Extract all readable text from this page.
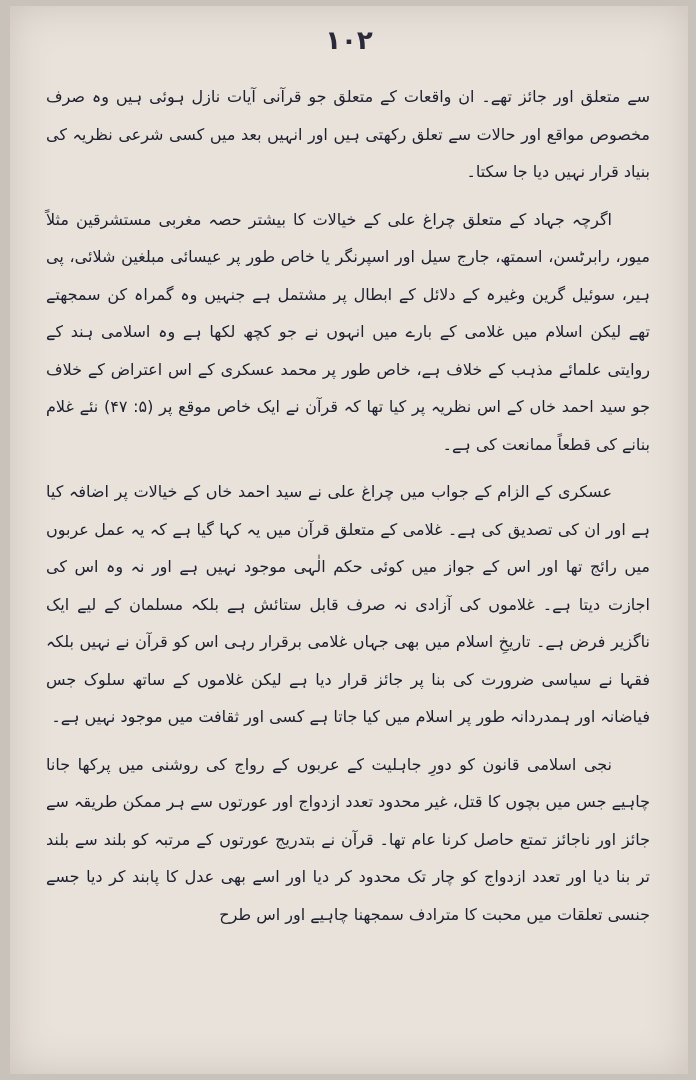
۱۰۲

سے متعلق اور جائز تھے۔ ان واقعات کے متعلق جو قرآنی آیات نازل ہوئی ہیں وہ صرف مخصوص مواقع اور حالات سے تعلق رکھتی ہیں اور انہیں بعد میں کسی شرعی نظریہ کی بنیاد قرار نہیں دیا جا سکتا۔

اگرچہ جہاد کے متعلق چراغ علی کے خیالات کا بیشتر حصہ مغربی مستشرقین مثلاً میور، رابرٹسن، اسمتھ، جارج سیل اور اسپرنگر یا خاص طور پر عیسائی مبلغین شلائی، پی ہیر، سوئیل گرین وغیرہ کے دلائل کے ابطال پر مشتمل ہے جنہیں وہ گمراہ کن سمجھتے تھے لیکن اسلام میں غلامی کے بارے میں انہوں نے جو کچھ لکھا ہے وہ اسلامی ہند کے روایتی علمائے مذہب کے خلاف ہے، خاص طور پر محمد عسکری کے اس اعتراض کے خلاف جو سید احمد خاں کے اس نظریہ پر کیا تھا کہ قرآن نے ایک خاص موقع پر (۵: ۴۷) نئے غلام بنانے کی قطعاً ممانعت کی ہے۔

عسکری کے الزام کے جواب میں چراغ علی نے سید احمد خاں کے خیالات پر اضافہ کیا ہے اور ان کی تصدیق کی ہے۔ غلامی کے متعلق قرآن میں یہ کہا گیا ہے کہ یہ عمل عربوں میں رائج تھا اور اس کے جواز میں کوئی حکم الٰہی موجود نہیں ہے اور نہ وہ اس کی اجازت دیتا ہے۔ غلاموں کی آزادی نہ صرف قابل ستائش ہے بلکہ مسلمان کے لیے ایک ناگزیر فرض ہے۔ تاریخِ اسلام میں بھی جہاں غلامی برقرار رہی اس کو قرآن نے نہیں بلکہ فقہا نے سیاسی ضرورت کی بنا پر جائز قرار دیا ہے لیکن غلاموں کے ساتھ سلوک جس فیاضانہ اور ہمدردانہ طور پر اسلام میں کیا جاتا ہے کسی اور ثقافت میں موجود نہیں ہے۔

نجی اسلامی قانون کو دورِ جاہلیت کے عربوں کے رواج کی روشنی میں پرکھا جانا چاہیے جس میں بچوں کا قتل، غیر محدود تعدد ازدواج اور عورتوں سے ہر ممکن طریقہ سے جائز اور ناجائز تمتع حاصل کرنا عام تھا۔ قرآن نے بتدریج عورتوں کے مرتبہ کو بلند سے بلند تر بنا دیا اور تعدد ازدواج کو چار تک محدود کر دیا اور اسے بھی عدل کا پابند کر دیا جسے جنسی تعلقات میں محبت کا مترادف سمجھنا چاہیے اور اس طرح
